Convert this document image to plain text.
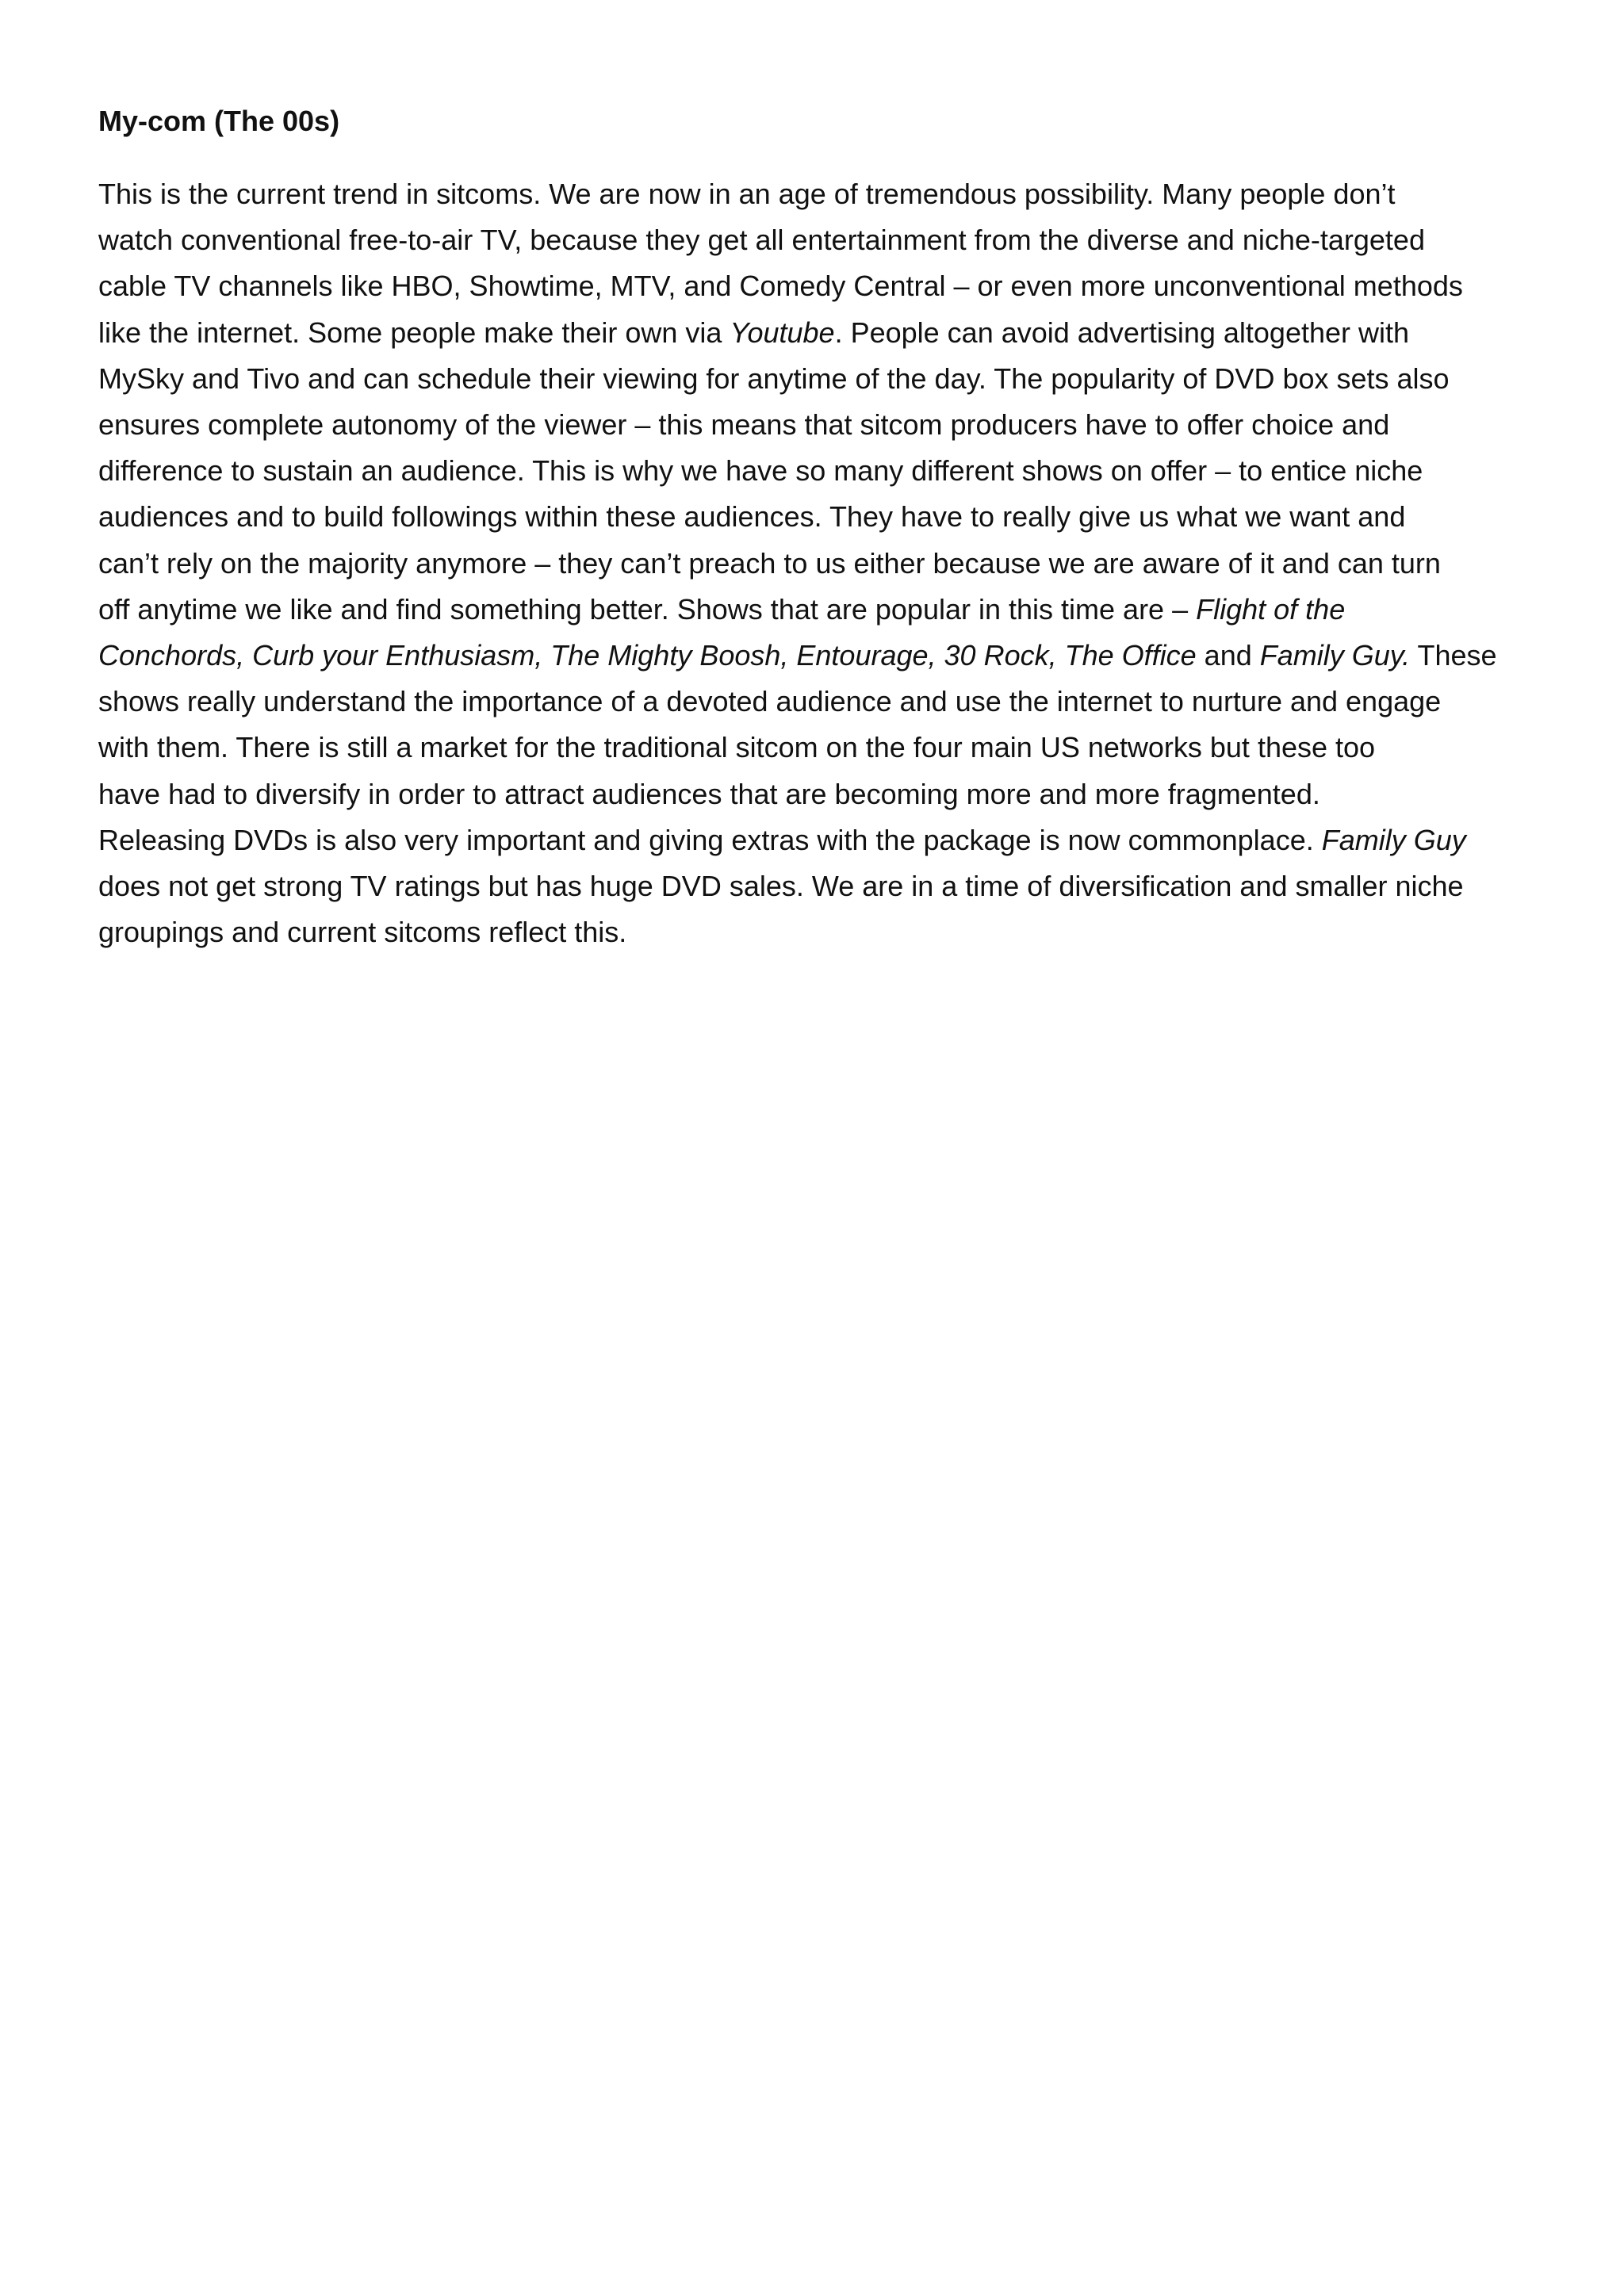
My-com (The 00s)

This is the current trend in sitcoms. We are now in an age of tremendous possibility. Many people don’t
watch conventional free-to-air TV, because they get all entertainment from the diverse and niche-targeted
cable TV channels like HBO, Showtime, MTV, and Comedy Central – or even more unconventional methods
like the internet. Some people make their own via Youtube. People can avoid advertising altogether with
MySky and Tivo and can schedule their viewing for anytime of the day. The popularity of DVD box sets also
ensures complete autonomy of the viewer – this means that sitcom producers have to offer choice and
difference to sustain an audience. This is why we have so many different shows on offer – to entice niche
audiences and to build followings within these audiences. They have to really give us what we want and
can’t rely on the majority anymore – they can’t preach to us either because we are aware of it and can turn
off anytime we like and find something better. Shows that are popular in this time are – Flight of the
Conchords, Curb your Enthusiasm, The Mighty Boosh, Entourage, 30 Rock, The Office and Family Guy. These
shows really understand the importance of a devoted audience and use the internet to nurture and engage
with them. There is still a market for the traditional sitcom on the four main US networks but these too
have had to diversify in order to attract audiences that are becoming more and more fragmented.
Releasing DVDs is also very important and giving extras with the package is now commonplace. Family Guy
does not get strong TV ratings but has huge DVD sales. We are in a time of diversification and smaller niche
groupings and current sitcoms reflect this.
